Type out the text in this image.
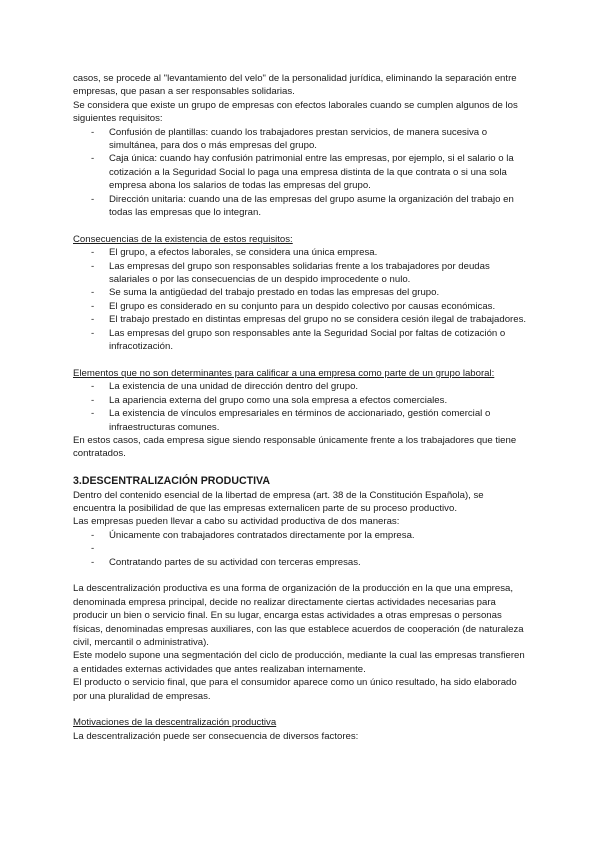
casos, se procede al "levantamiento del velo" de la personalidad jurídica, eliminando la separación entre empresas, que pasan a ser responsables solidarias.

Se considera que existe un grupo de empresas con efectos laborales cuando se cumplen algunos de los siguientes requisitos:

- Confusión de plantillas: cuando los trabajadores prestan servicios, de manera sucesiva o simultánea, para dos o más empresas del grupo.
- Caja única: cuando hay confusión patrimonial entre las empresas, por ejemplo, si el salario o la cotización a la Seguridad Social lo paga una empresa distinta de la que contrata o si una sola empresa abona los salarios de todas las empresas del grupo.
- Dirección unitaria: cuando una de las empresas del grupo asume la organización del trabajo en todas las empresas que lo integran.

Consecuencias de la existencia de estos requisitos:

- El grupo, a efectos laborales, se considera una única empresa.
- Las empresas del grupo son responsables solidarias frente a los trabajadores por deudas salariales o por las consecuencias de un despido improcedente o nulo.
- Se suma la antigüedad del trabajo prestado en todas las empresas del grupo.
- El grupo es considerado en su conjunto para un despido colectivo por causas económicas.
- El trabajo prestado en distintas empresas del grupo no se considera cesión ilegal de trabajadores.
- Las empresas del grupo son responsables ante la Seguridad Social por faltas de cotización o infracotización.

Elementos que no son determinantes para calificar a una empresa como parte de un grupo laboral:

- La existencia de una unidad de dirección dentro del grupo.
- La apariencia externa del grupo como una sola empresa a efectos comerciales.
- La existencia de vínculos empresariales en términos de accionariado, gestión comercial o infraestructuras comunes.

En estos casos, cada empresa sigue siendo responsable únicamente frente a los trabajadores que tiene contratados.

3.DESCENTRALIZACIÓN PRODUCTIVA

Dentro del contenido esencial de la libertad de empresa (art. 38 de la Constitución Española), se encuentra la posibilidad de que las empresas externalicen parte de su proceso productivo.

Las empresas pueden llevar a cabo su actividad productiva de dos maneras:

- Únicamente con trabajadores contratados directamente por la empresa.
-
- Contratando partes de su actividad con terceras empresas.

La descentralización productiva es una forma de organización de la producción en la que una empresa, denominada empresa principal, decide no realizar directamente ciertas actividades necesarias para producir un bien o servicio final. En su lugar, encarga estas actividades a otras empresas o personas físicas, denominadas empresas auxiliares, con las que establece acuerdos de cooperación (de naturaleza civil, mercantil o administrativa).

Este modelo supone una segmentación del ciclo de producción, mediante la cual las empresas transfieren a entidades externas actividades que antes realizaban internamente.

El producto o servicio final, que para el consumidor aparece como un único resultado, ha sido elaborado por una pluralidad de empresas.

Motivaciones de la descentralización productiva

La descentralización puede ser consecuencia de diversos factores:
